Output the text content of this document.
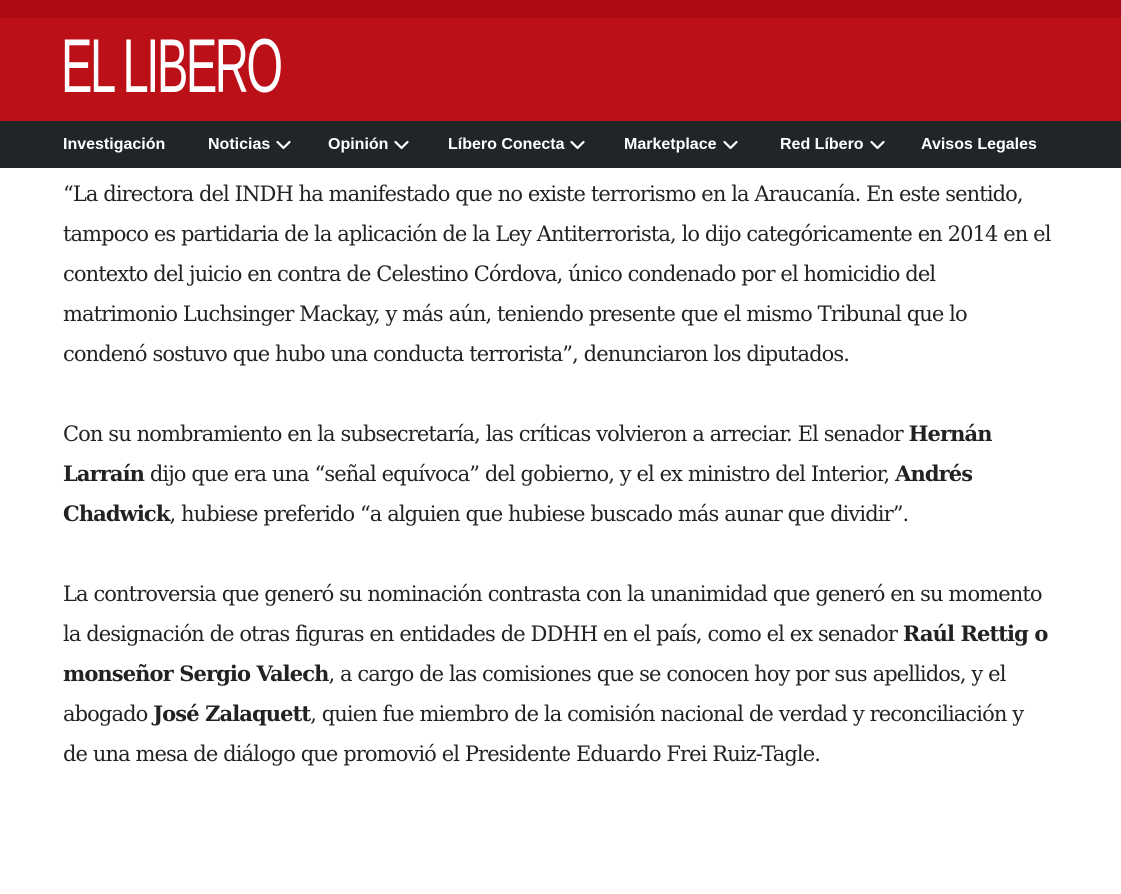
EL LIBERO
Investigación	Noticias	Opinión	Líbero Conecta	Marketplace	Red Líbero	Avisos Legales

“La directora del INDH ha manifestado que no existe terrorismo en la Araucanía. En este sentido, tampoco es partidaria de la aplicación de la Ley Antiterrorista, lo dijo categóricamente en 2014 en el contexto del juicio en contra de Celestino Córdova, único condenado por el homicidio del matrimonio Luchsinger Mackay, y más aún, teniendo presente que el mismo Tribunal que lo condenó sostuvo que hubo una conducta terrorista”, denunciaron los diputados.

Con su nombramiento en la subsecretaría, las críticas volvieron a arreciar. El senador Hernán Larraín dijo que era una “señal equívoca” del gobierno, y el ex ministro del Interior, Andrés Chadwick, hubiese preferido “a alguien que hubiese buscado más aunar que dividir”.

La controversia que generó su nominación contrasta con la unanimidad que generó en su momento la designación de otras figuras en entidades de DDHH en el país, como el ex senador Raúl Rettig o monseñor Sergio Valech, a cargo de las comisiones que se conocen hoy por sus apellidos, y el abogado José Zalaquett, quien fue miembro de la comisión nacional de verdad y reconciliación y de una mesa de diálogo que promovió el Presidente Eduardo Frei Ruiz-Tagle.
